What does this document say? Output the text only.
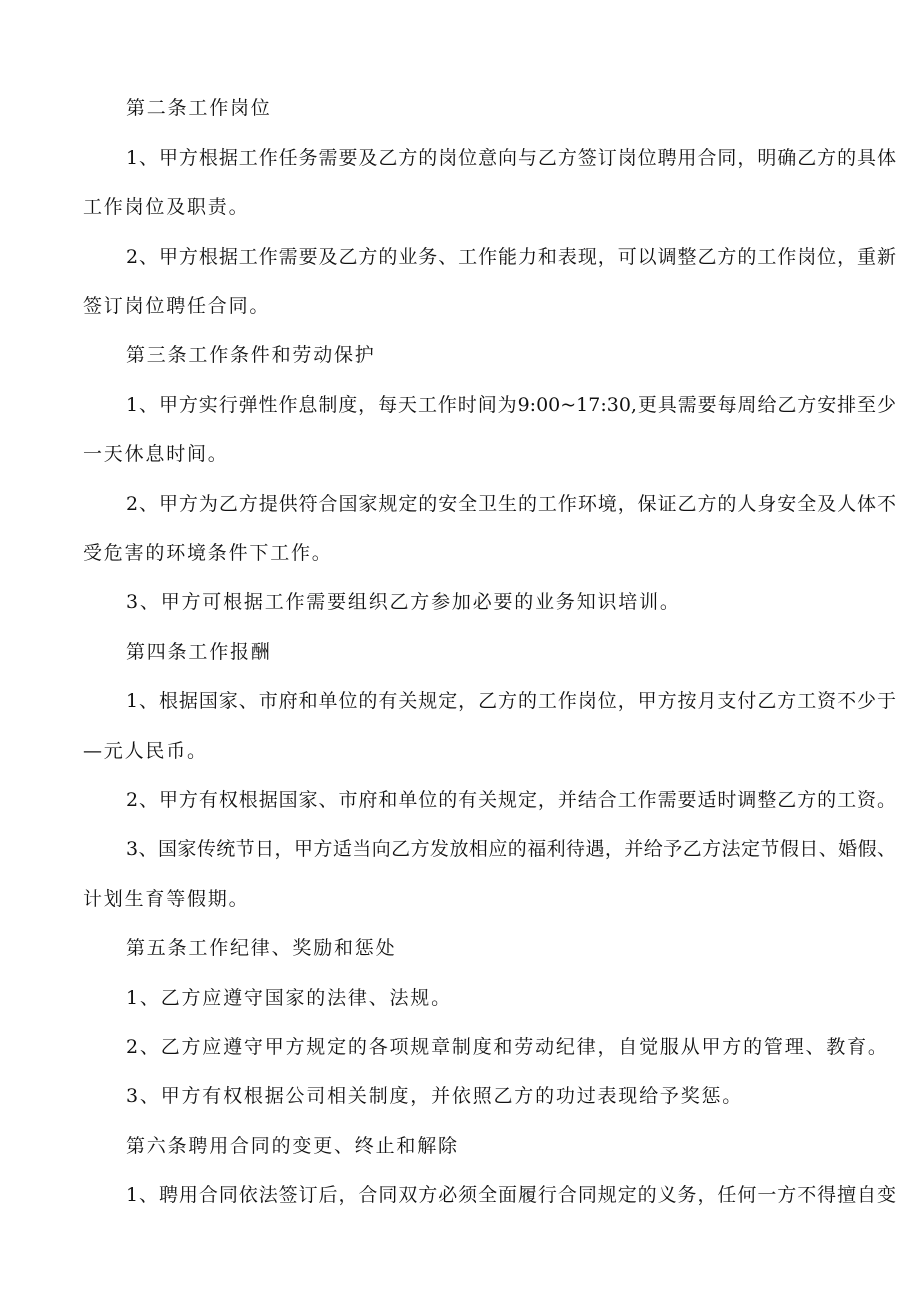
第二条工作岗位
1、甲方根据工作任务需要及乙方的岗位意向与乙方签订岗位聘用合同，明确乙方的具体
工作岗位及职责。
2、甲方根据工作需要及乙方的业务、工作能力和表现，可以调整乙方的工作岗位，重新
签订岗位聘任合同。
第三条工作条件和劳动保护
1、甲方实行弹性作息制度，每天工作时间为9:00~17:30,更具需要每周给乙方安排至少
一天休息时间。
2、甲方为乙方提供符合国家规定的安全卫生的工作环境，保证乙方的人身安全及人体不
受危害的环境条件下工作。
3、甲方可根据工作需要组织乙方参加必要的业务知识培训。
第四条工作报酬
1、根据国家、市府和单位的有关规定，乙方的工作岗位，甲方按月支付乙方工资不少于
—元人民币。
2、甲方有权根据国家、市府和单位的有关规定，并结合工作需要适时调整乙方的工资。
3、国家传统节日，甲方适当向乙方发放相应的福利待遇，并给予乙方法定节假日、婚假、
计划生育等假期。
第五条工作纪律、奖励和惩处
1、乙方应遵守国家的法律、法规。
2、乙方应遵守甲方规定的各项规章制度和劳动纪律，自觉服从甲方的管理、教育。
3、甲方有权根据公司相关制度，并依照乙方的功过表现给予奖惩。
第六条聘用合同的变更、终止和解除
1、聘用合同依法签订后，合同双方必须全面履行合同规定的义务，任何一方不得擅自变
